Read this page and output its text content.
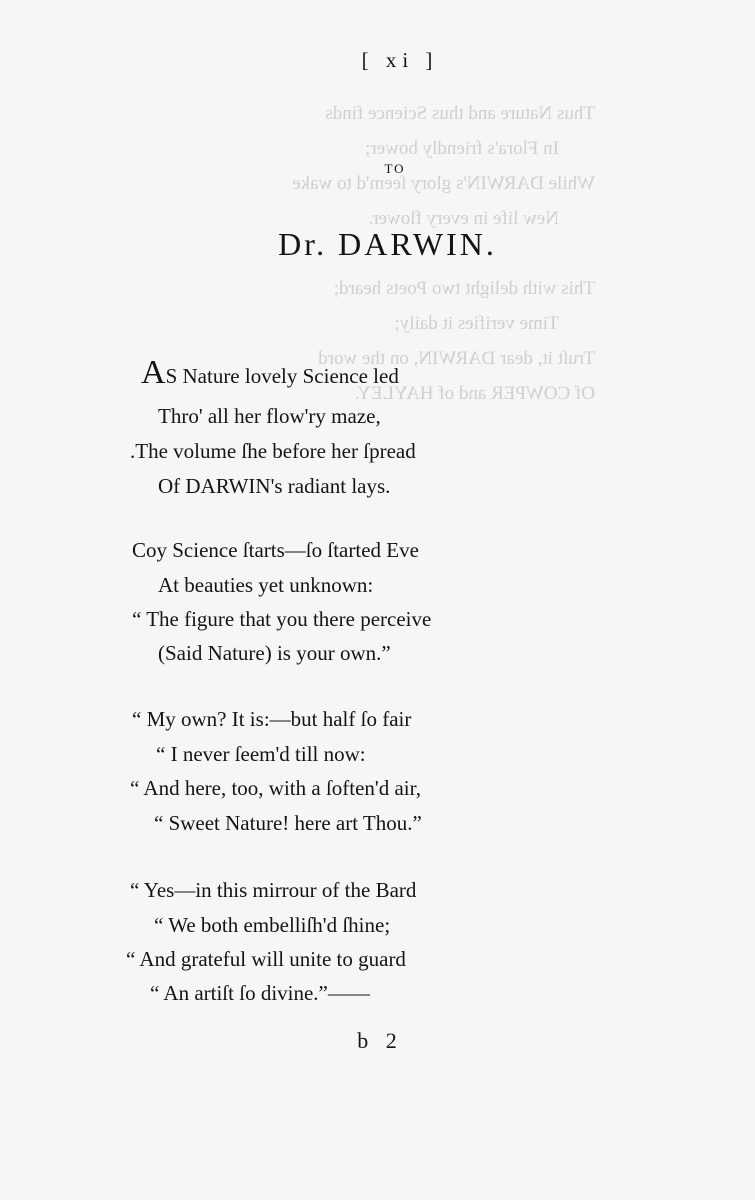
Thus Nature and thus Science finds
In Flora's friendly bower;
While DARWIN's glory ſeem'd to wake
New life in every flower.

This with delight two Poets heard;
Time verifies it daily;
Truſt it, dear DARWIN, on the word
Of COWPER and of HAYLEY.
[ xi ]
TO
Dr. DARWIN.
AS Nature lovely Science led
Thro' all her flow'ry maze,
.The volume ſhe before her ſpread
Of DARWIN's radiant lays.
Coy Science ſtarts—ſo ſtarted Eve
At beauties yet unknown:
“ The figure that you there perceive
(Said Nature) is your own.”
“ My own? It is:—but half ſo fair
“ I never ſeem'd till now:
“ And here, too, with a ſoften'd air,
“ Sweet Nature! here art Thou.”
“ Yes—in this mirrour of the Bard
“ We both embelliſh'd ſhine;
“ And grateful will unite to guard
“ An artiſt ſo divine.”——
b 2
